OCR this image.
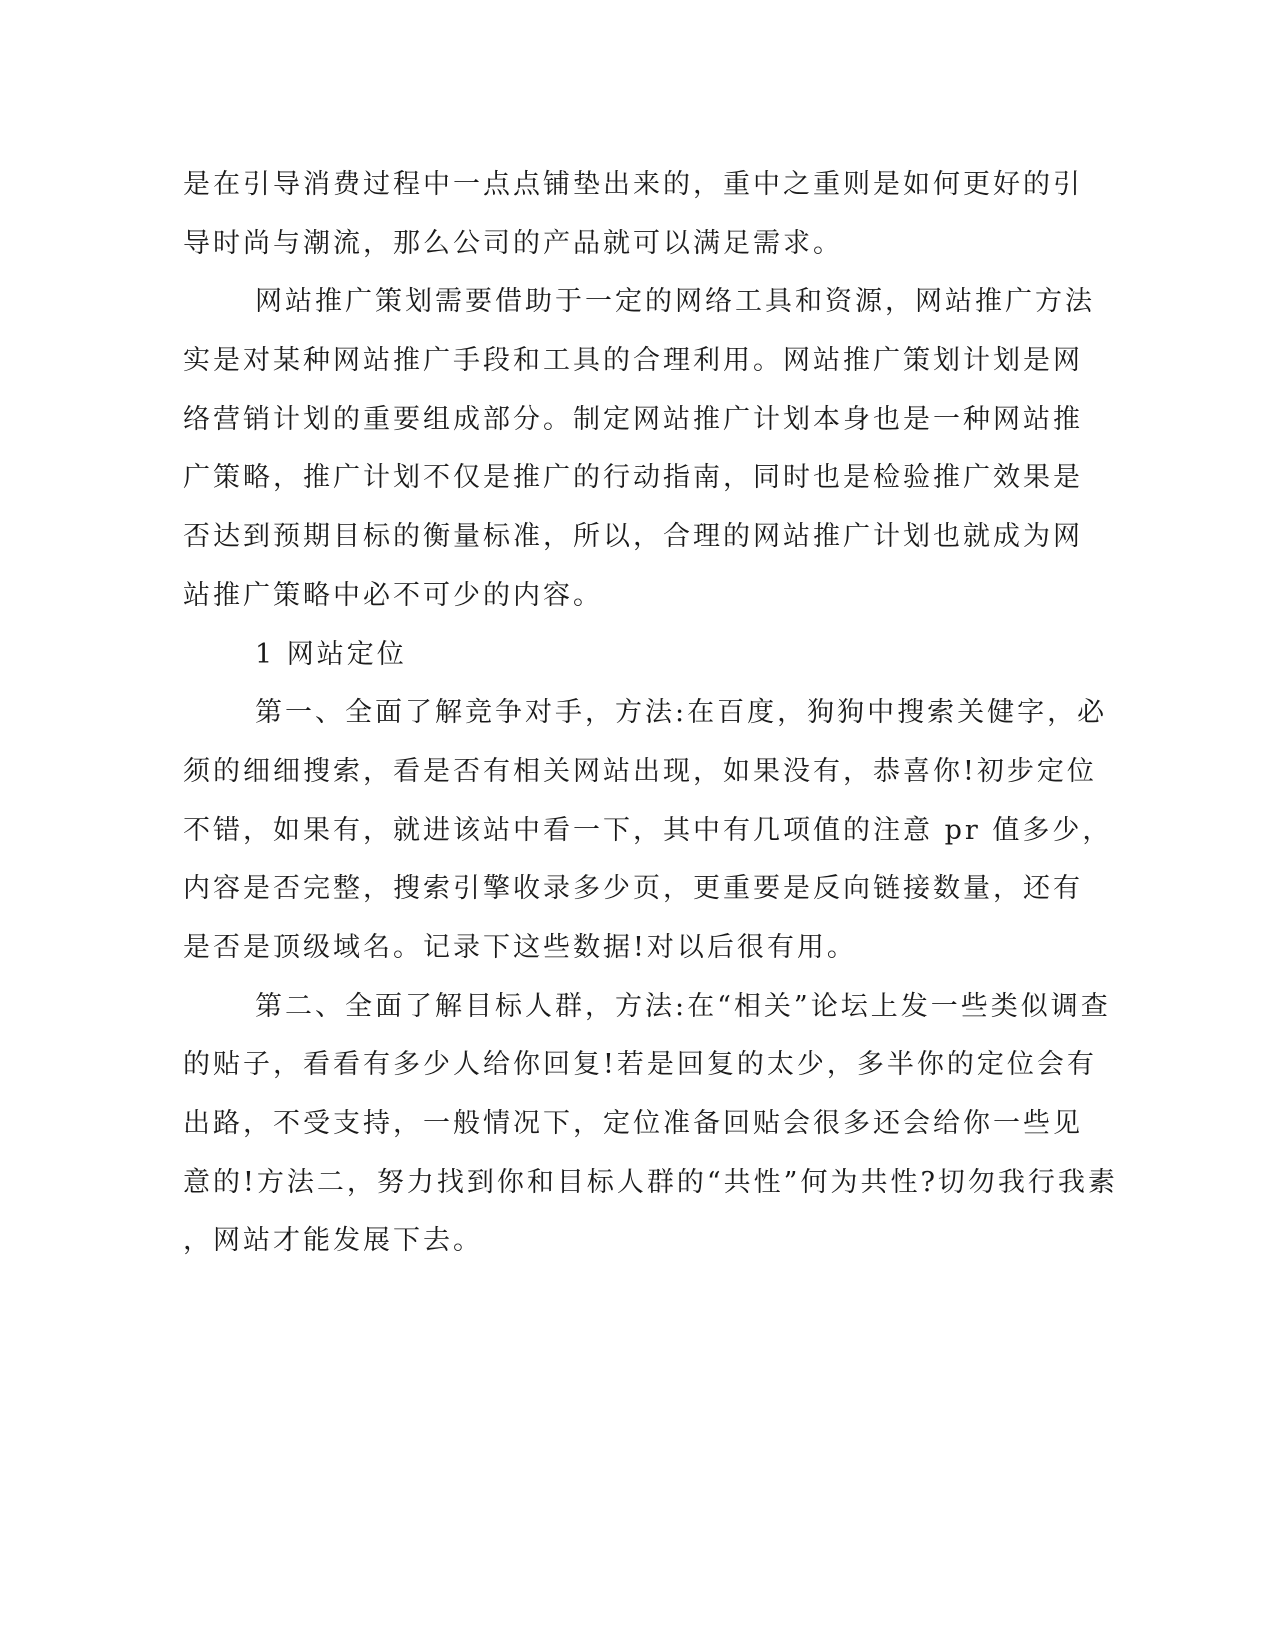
是在引导消费过程中一点点铺垫出来的，重中之重则是如何更好的引
导时尚与潮流，那么公司的产品就可以满足需求。
网站推广策划需要借助于一定的网络工具和资源，网站推广方法
实是对某种网站推广手段和工具的合理利用。网站推广策划计划是网
络营销计划的重要组成部分。制定网站推广计划本身也是一种网站推
广策略，推广计划不仅是推广的行动指南，同时也是检验推广效果是
否达到预期目标的衡量标准，所以，合理的网站推广计划也就成为网
站推广策略中必不可少的内容。
1 网站定位
第一、全面了解竞争对手，方法:在百度，狗狗中搜索关健字，必
须的细细搜索，看是否有相关网站出现，如果没有，恭喜你!初步定位
不错，如果有，就进该站中看一下，其中有几项值的注意 pr 值多少，
内容是否完整，搜索引擎收录多少页，更重要是反向链接数量，还有
是否是顶级域名。记录下这些数据!对以后很有用。
第二、全面了解目标人群，方法:在“相关”论坛上发一些类似调查
的贴子，看看有多少人给你回复!若是回复的太少，多半你的定位会有
出路，不受支持，一般情况下，定位准备回贴会很多还会给你一些见
意的!方法二，努力找到你和目标人群的“共性”何为共性?切勿我行我素
，网站才能发展下去。
